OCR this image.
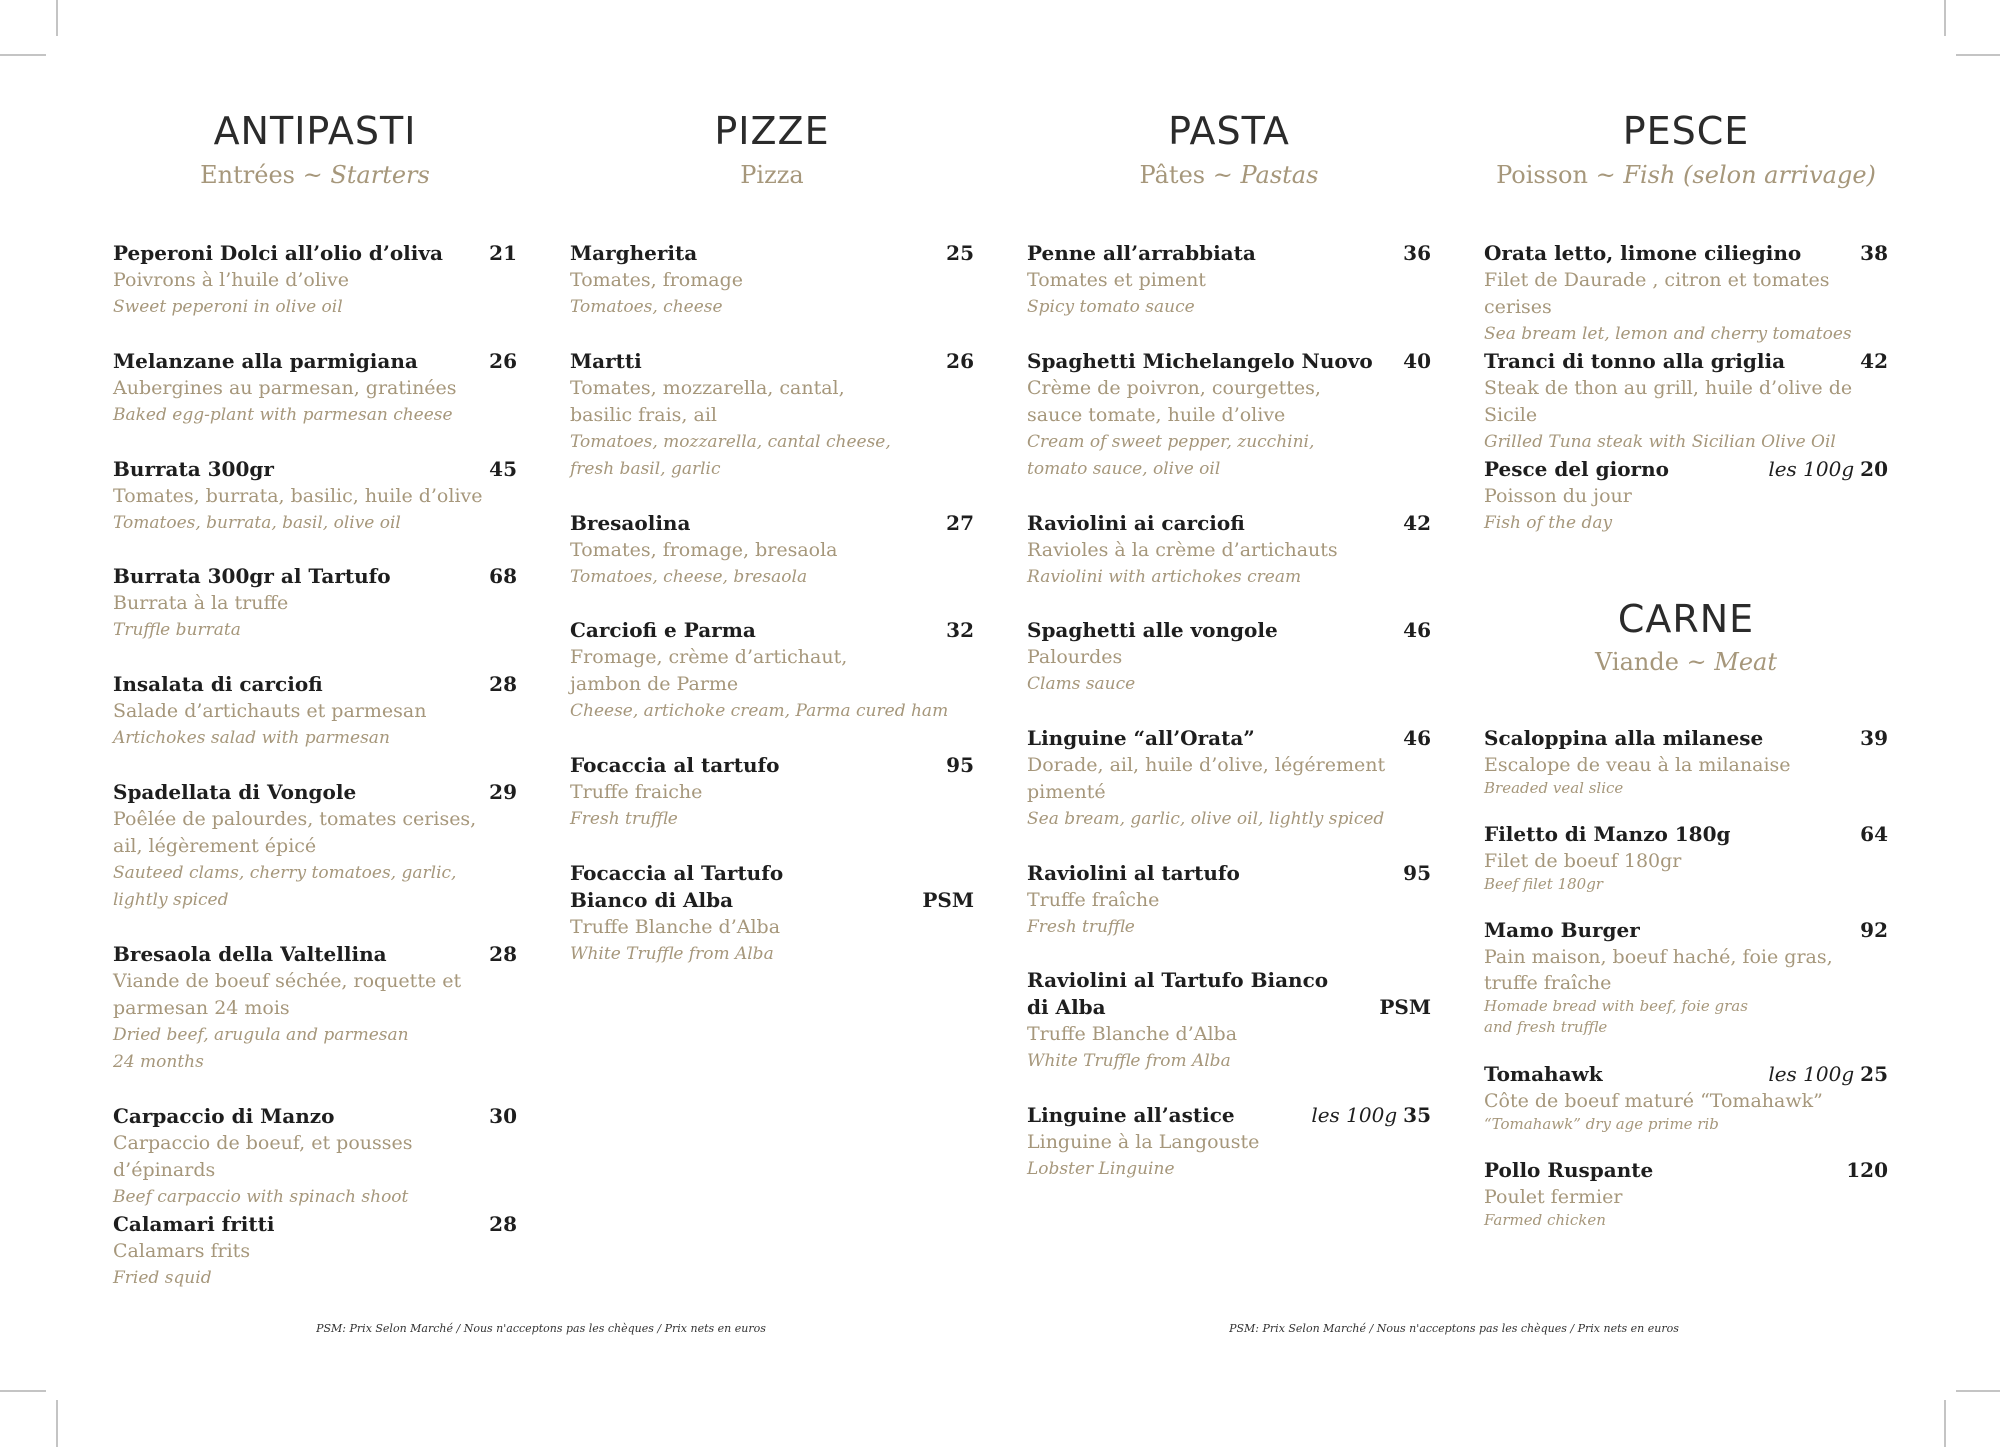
ANTIPASTI
Entrées ~ Starters
Peperoni Dolci all’olio d’oliva 21
Poivrons à l’huile d’olive
Sweet peperoni in olive oil
Melanzane alla parmigiana	26
Aubergines au parmesan, gratinées
Baked egg-plant with parmesan cheese
Burrata 300gr	45
Tomates, burrata, basilic, huile d’olive
Tomatoes, burrata, basil, olive oil
Burrata 300gr al Tartufo	68
Burrata à la truffe
Truffle burrata
Insalata di carciofi	28
Salade d’artichauts et parmesan
Artichokes salad with parmesan
Spadellata di Vongole	29
Poêlée de palourdes, tomates cerises,
ail, légèrement épicé
Sauteed clams, cherry tomatoes, garlic,
lightly spiced
Bresaola della Valtellina	28
Viande de boeuf séchée, roquette et
parmesan 24 mois
Dried beef, arugula and parmesan
24 months
Carpaccio di Manzo	30
Carpaccio de boeuf, et pousses d’épinards
Beef carpaccio with spinach shoot
Calamari fritti	28
Calamars frits
Fried squid
PIZZE
Pizza
Margherita	25
Tomates, fromage
Tomatoes, cheese
Martti	26
Tomates, mozzarella, cantal,
basilic frais, ail
Tomatoes, mozzarella, cantal cheese,
fresh basil, garlic
Bresaolina	27
Tomates, fromage, bresaola
Tomatoes, cheese, bresaola
Carciofi e Parma	32
Fromage, crème d’artichaut,
jambon de Parme
Cheese, artichoke cream, Parma cured ham
Focaccia al tartufo	95
Truffe fraiche
Fresh truffle
Focaccia al Tartufo
Bianco di Alba	PSM
Truffe Blanche d’Alba
White Truffle from Alba
PASTA
Pâtes ~ Pastas
Penne all’arrabbiata	36
Tomates et piment
Spicy tomato sauce
Spaghetti Michelangelo Nuovo 40
Crème de poivron, courgettes,
sauce tomate, huile d’olive
Cream of sweet pepper, zucchini,
tomato sauce, olive oil
Raviolini ai carciofi	42
Ravioles à la crème d’artichauts
Raviolini with artichokes cream
Spaghetti alle vongole	46
Palourdes
Clams sauce
Linguine “all’Orata”	46
Dorade, ail, huile d’olive, légérement
pimenté
Sea bream, garlic, olive oil, lightly spiced
Raviolini al tartufo	95
Truffe fraîche
Fresh truffle
Raviolini al Tartufo Bianco
di Alba	PSM
Truffe Blanche d’Alba
White Truffle from Alba
Linguine all’astice	les 100g 35
Linguine à la Langouste
Lobster Linguine
PESCE
Poisson ~ Fish (selon arrivage)
Orata letto, limone ciliegino	38
Filet de Daurade , citron et tomates cerises
Sea bream let, lemon and cherry tomatoes
Tranci di tonno alla griglia	42
Steak de thon au grill, huile d’olive de Sicile
Grilled Tuna steak with Sicilian Olive Oil
Pesce del giorno	les 100g 20
Poisson du jour
Fish of the day
CARNE
Viande ~ Meat
Scaloppina alla milanese	39
Escalope de veau à la milanaise
Breaded veal slice
Filetto di Manzo 180g	64
Filet de boeuf 180gr
Beef filet 180gr
Mamo Burger	92
Pain maison, boeuf haché, foie gras,
truffe fraîche
Homade bread with beef, foie gras
and fresh truffle
Tomahawk	les 100g 25
Côte de boeuf maturé “Tomahawk”
“Tomahawk” dry age prime rib
Pollo Ruspante	120
Poulet fermier
Farmed chicken
PSM: Prix Selon Marché / Nous n'acceptons pas les chèques / Prix nets en euros	PSM: Prix Selon Marché / Nous n'acceptons pas les chèques / Prix nets en euros
